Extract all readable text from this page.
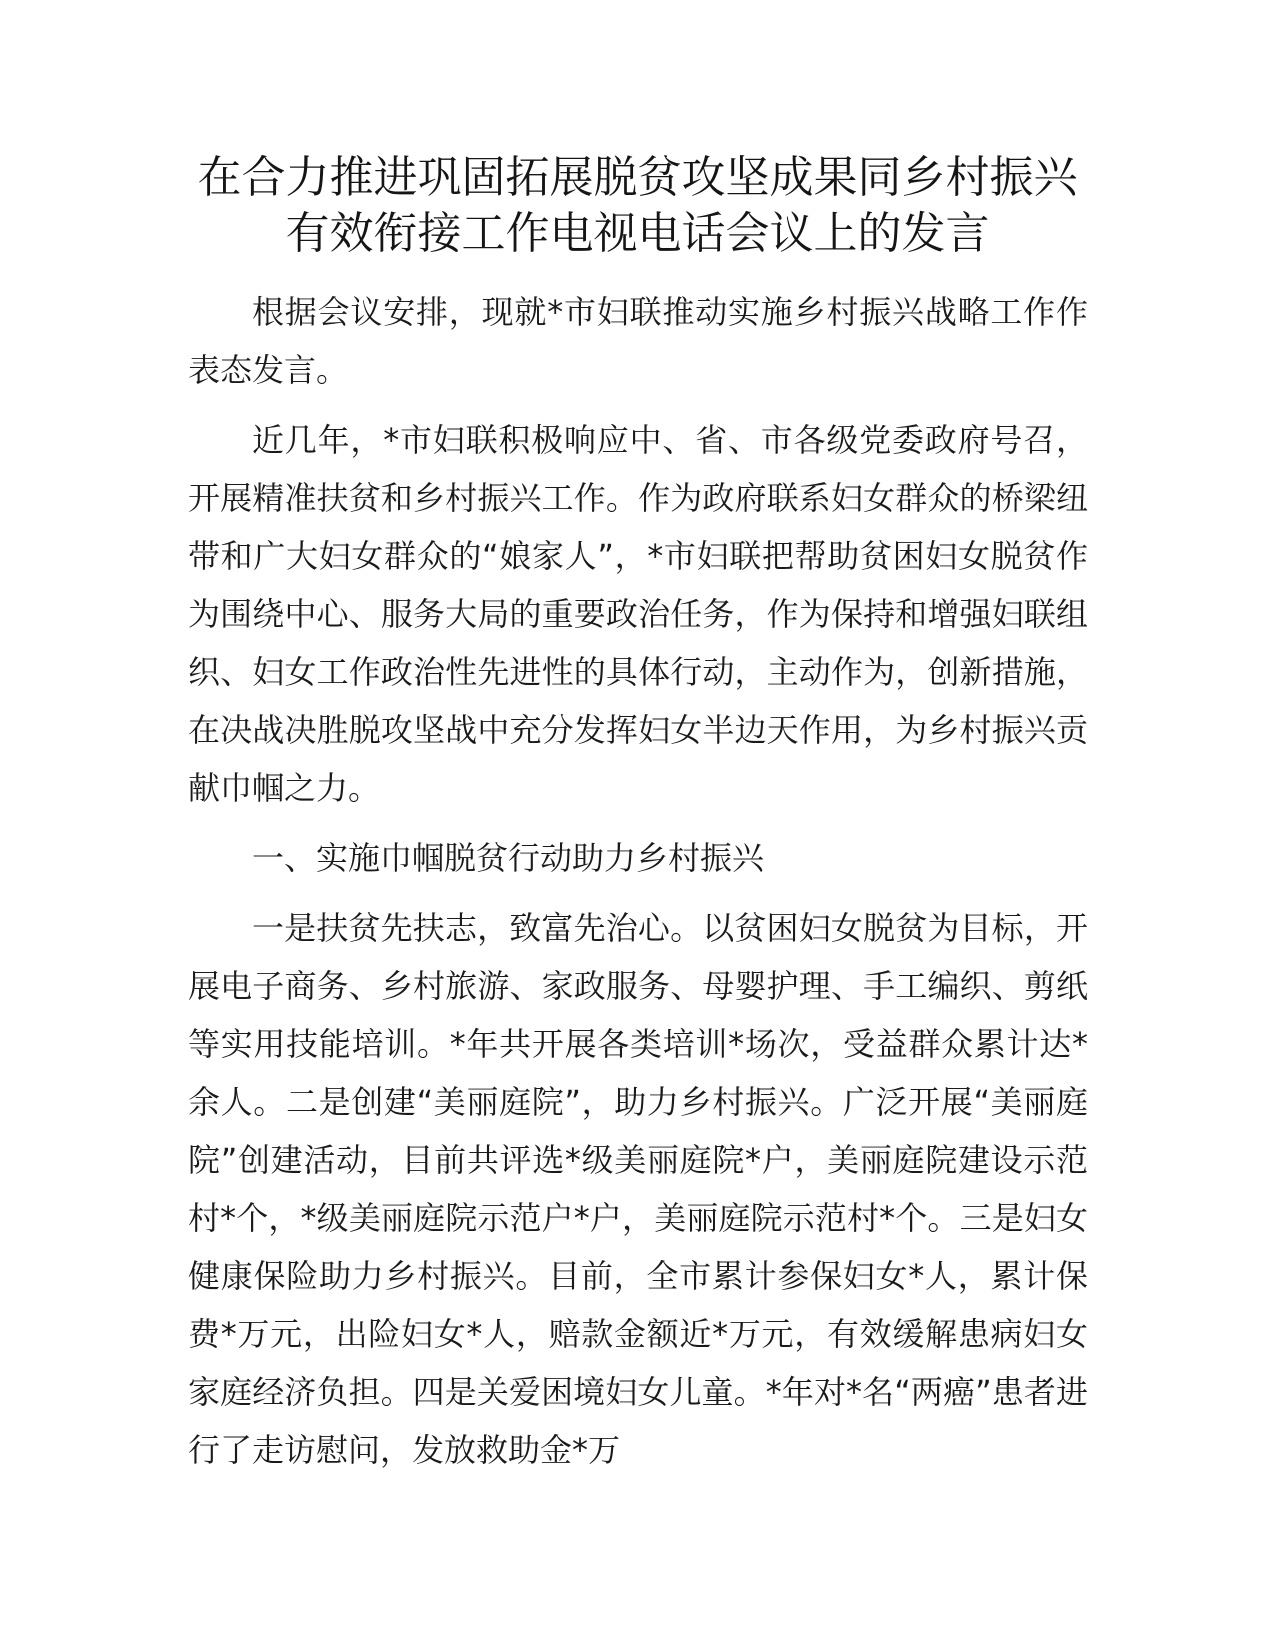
在合力推进巩固拓展脱贫攻坚成果同乡村振兴
有效衔接工作电视电话会议上的发言

根据会议安排，现就*市妇联推动实施乡村振兴战略工作作表态发言。

近几年，*市妇联积极响应中、省、市各级党委政府号召，开展精准扶贫和乡村振兴工作。作为政府联系妇女群众的桥梁纽带和广大妇女群众的“娘家人”，*市妇联把帮助贫困妇女脱贫作为围绕中心、服务大局的重要政治任务，作为保持和增强妇联组织、妇女工作政治性先进性的具体行动，主动作为，创新措施，在决战决胜脱攻坚战中充分发挥妇女半边天作用，为乡村振兴贡献巾帼之力。

一、实施巾帼脱贫行动助力乡村振兴

一是扶贫先扶志，致富先治心。以贫困妇女脱贫为目标，开展电子商务、乡村旅游、家政服务、母婴护理、手工编织、剪纸等实用技能培训。*年共开展各类培训*场次，受益群众累计达*余人。二是创建“美丽庭院”，助力乡村振兴。广泛开展“美丽庭院”创建活动，目前共评选*级美丽庭院*户，美丽庭院建设示范村*个，*级美丽庭院示范户*户，美丽庭院示范村*个。三是妇女健康保险助力乡村振兴。目前，全市累计参保妇女*人，累计保费*万元，出险妇女*人，赔款金额近*万元，有效缓解患病妇女家庭经济负担。四是关爱困境妇女儿童。*年对*名“两癌”患者进行了走访慰问，发放救助金*万
